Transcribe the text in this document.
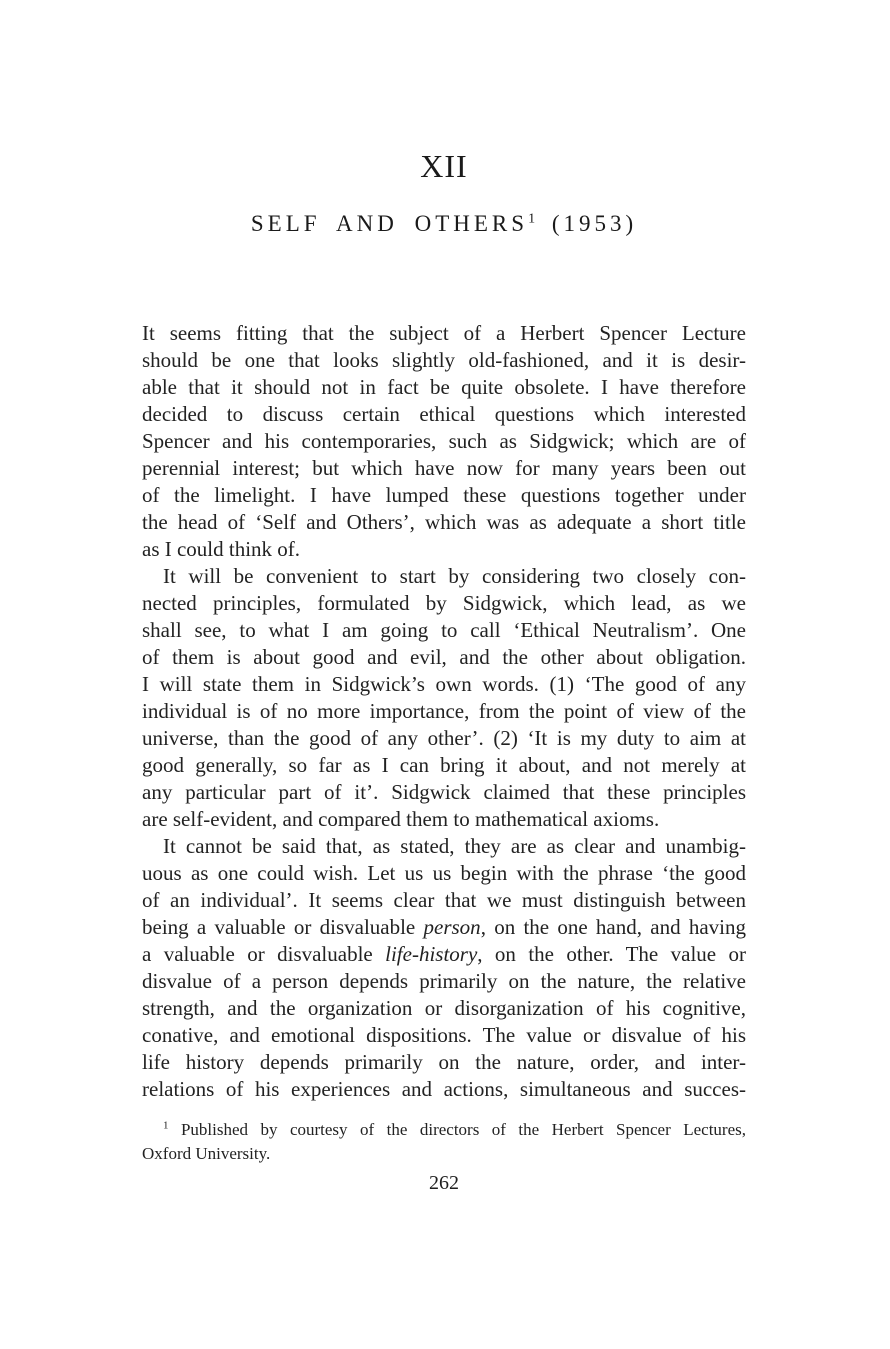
XII
SELF AND OTHERS$^1$ (1953)
It seems fitting that the subject of a Herbert Spencer Lecture
should be one that looks slightly old-fashioned, and it is desir-
able that it should not in fact be quite obsolete. I have therefore
decided to discuss certain ethical questions which interested
Spencer and his contemporaries, such as Sidgwick; which are of
perennial interest; but which have now for many years been out
of the limelight. I have lumped these questions together under
the head of ‘Self and Others’, which was as adequate a short title
as I could think of.
It will be convenient to start by considering two closely con-
nected principles, formulated by Sidgwick, which lead, as we
shall see, to what I am going to call ‘Ethical Neutralism’. One
of them is about good and evil, and the other about obligation.
I will state them in Sidgwick’s own words. (1) ‘The good of any
individual is of no more importance, from the point of view of the
universe, than the good of any other’. (2) ‘It is my duty to aim at
good generally, so far as I can bring it about, and not merely at
any particular part of it’. Sidgwick claimed that these principles
are self-evident, and compared them to mathematical axioms.
It cannot be said that, as stated, they are as clear and unambig-
uous as one could wish. Let us us begin with the phrase ‘the good
of an individual’. It seems clear that we must distinguish between
being a valuable or disvaluable person, on the one hand, and having
a valuable or disvaluable life-history, on the other. The value or
disvalue of a person depends primarily on the nature, the relative
strength, and the organization or disorganization of his cognitive,
conative, and emotional dispositions. The value or disvalue of his
life history depends primarily on the nature, order, and inter-
relations of his experiences and actions, simultaneous and succes-
$^1$ Published by courtesy of the directors of the Herbert Spencer Lectures,
Oxford University.
262
